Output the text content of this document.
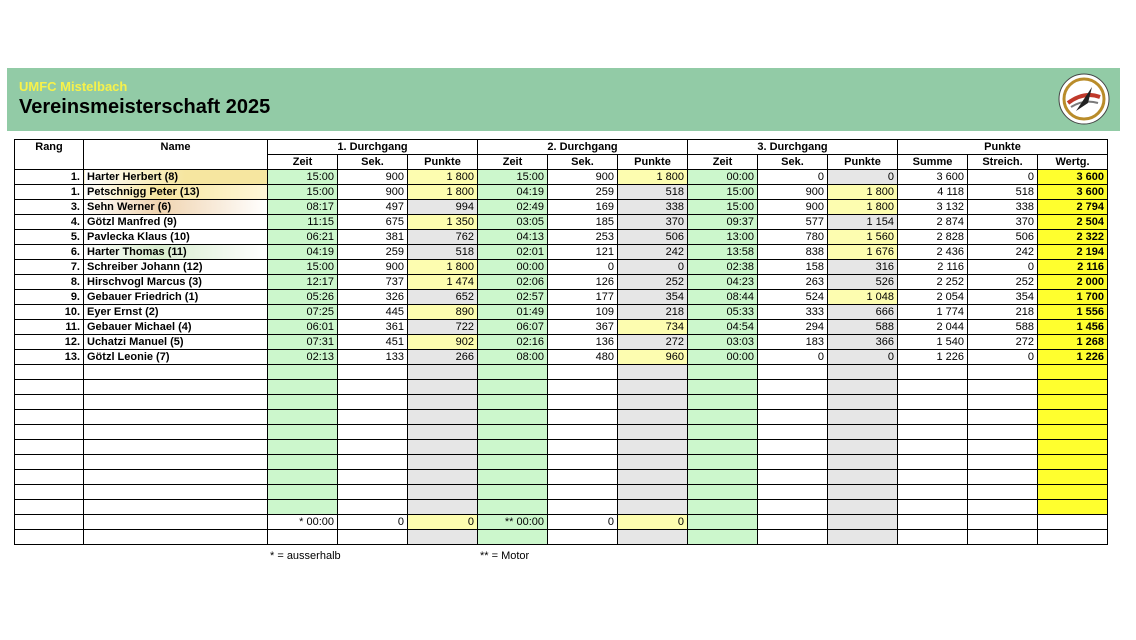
UMFC Mistelbach
Vereinsmeisterschaft 2025
Rang	Name	1. Durchgang			2. Durchgang			3. Durchgang			Punkte		
		Zeit	Sek.	Punkte	Zeit	Sek.	Punkte	Zeit	Sek.	Punkte	Summe	Streich.	Wertg.
1.	Harter Herbert (8)	15:00	900	1 800	15:00	900	1 800	00:00	0	0	3 600	0	3 600
1.	Petschnigg Peter (13)	15:00	900	1 800	04:19	259	518	15:00	900	1 800	4 118	518	3 600
3.	Sehn Werner (6)	08:17	497	994	02:49	169	338	15:00	900	1 800	3 132	338	2 794
4.	Götzl Manfred (9)	11:15	675	1 350	03:05	185	370	09:37	577	1 154	2 874	370	2 504
5.	Pavlecka Klaus (10)	06:21	381	762	04:13	253	506	13:00	780	1 560	2 828	506	2 322
6.	Harter Thomas (11)	04:19	259	518	02:01	121	242	13:58	838	1 676	2 436	242	2 194
7.	Schreiber Johann (12)	15:00	900	1 800	00:00	0	0	02:38	158	316	2 116	0	2 116
8.	Hirschvogl Marcus (3)	12:17	737	1 474	02:06	126	252	04:23	263	526	2 252	252	2 000
9.	Gebauer Friedrich (1)	05:26	326	652	02:57	177	354	08:44	524	1 048	2 054	354	1 700
10.	Eyer Ernst (2)	07:25	445	890	01:49	109	218	05:33	333	666	1 774	218	1 556
11.	Gebauer Michael (4)	06:01	361	722	06:07	367	734	04:54	294	588	2 044	588	1 456
12.	Uchatzi Manuel (5)	07:31	451	902	02:16	136	272	03:03	183	366	1 540	272	1 268
13.	Götzl Leonie (7)	02:13	133	266	08:00	480	960	00:00	0	0	1 226	0	1 226

		* 00:00	0	0	** 00:00	0	0						

* = ausserhalb	** = Motor
